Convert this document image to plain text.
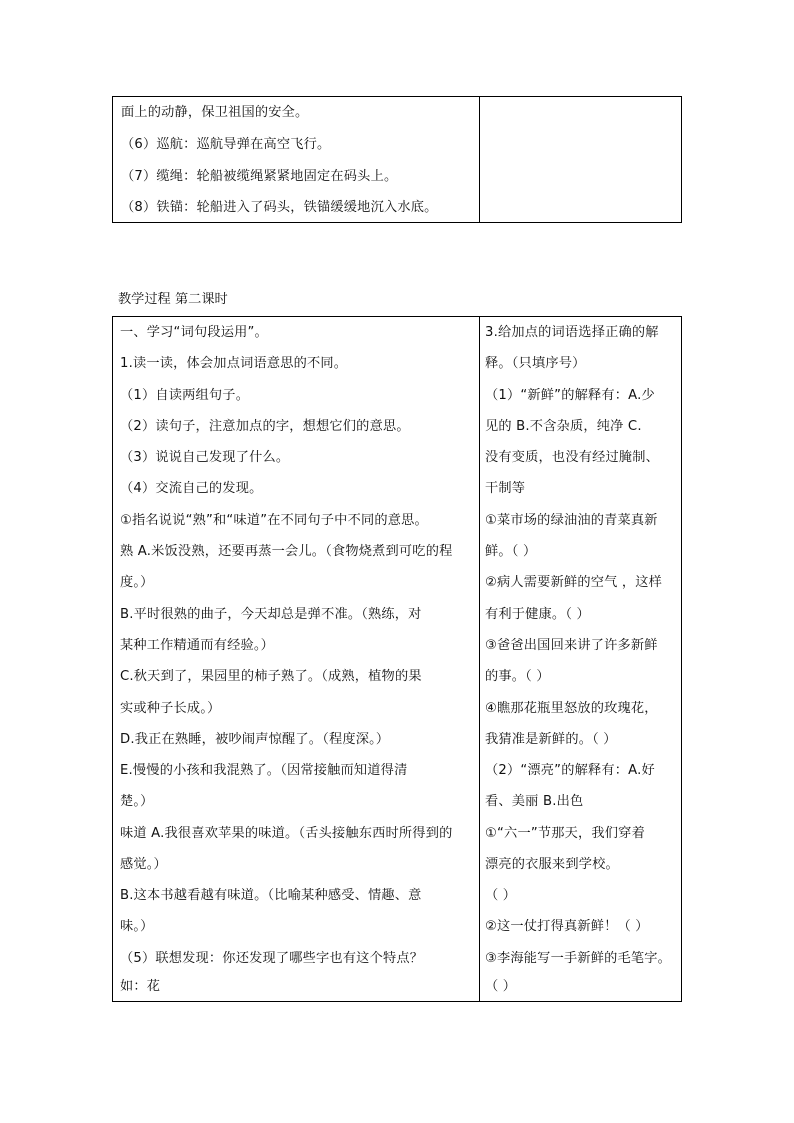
面上的动静，保卫祖国的安全。
（6）巡航：巡航导弹在高空飞行。
（7）缆绳：轮船被缆绳紧紧地固定在码头上。
（8）铁锚：轮船进入了码头，铁锚缓缓地沉入水底。
教学过程 第二课时
一、学习“词句段运用”。
1.读一读，体会加点词语意思的不同。
（1）自读两组句子。
（2）读句子，注意加点的字，想想它们的意思。
（3）说说自己发现了什么。
（4）交流自己的发现。
①指名说说“熟”和“味道”在不同句子中不同的意思。
熟 A.米饭没熟，还要再蒸一会儿。（食物烧煮到可吃的程
度。）
B.平时很熟的曲子，今天却总是弹不准。（熟练，对
某种工作精通而有经验。）
C.秋天到了，果园里的柿子熟了。（成熟，植物的果
实或种子长成。）
D.我正在熟睡，被吵闹声惊醒了。（程度深。）
E.慢慢的小孩和我混熟了。（因常接触而知道得清
楚。）
味道 A.我很喜欢苹果的味道。（舌头接触东西时所得到的
感觉。）
B.这本书越看越有味道。（比喻某种感受、情趣、意
味。）
（5）联想发现：你还发现了哪些字也有这个特点？
如：花
3.给加点的词语选择正确的解
释。（只填序号）
（1）“新鲜”的解释有：A.少
见的 B.不含杂质，纯净 C.
没有变质，也没有经过腌制、
干制等
①菜市场的绿油油的青菜真新
鲜。（ ）
②病人需要新鲜的空气 ，这样
有利于健康。（ ）
③爸爸出国回来讲了许多新鲜
的事。（ ）
④瞧那花瓶里怒放的玫瑰花，
我猜准是新鲜的。（ ）
（2）“漂亮”的解释有：A.好
看、美丽 B.出色
①“六一”节那天，我们穿着
漂亮的衣服来到学校。
（ ）
②这一仗打得真新鲜！（ ）
③李海能写一手新鲜的毛笔字。
（ ）
